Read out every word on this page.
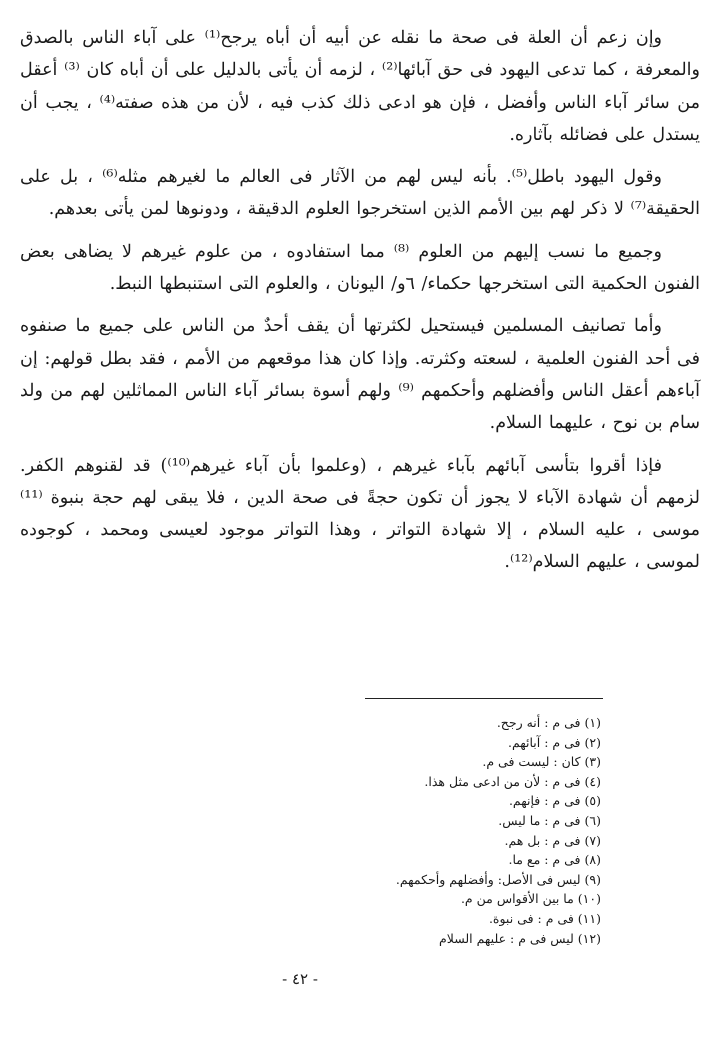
وإن زعم أن العلة فى صحة ما نقله عن أبيه أن أباه يرجح⁽¹⁾ على آباء الناس بالصدق والمعرفة ، كما تدعى اليهود فى حق آبائها⁽²⁾ ، لزمه أن يأتى بالدليل على أن أباه كان ⁽³⁾ أعقل من سائر آباء الناس وأفضل ، فإن هو ادعى ذلك كذب فيه ، لأن من هذه صفته⁽⁴⁾ ، يجب أن يستدل على فضائله بآثاره.

وقول اليهود باطل⁽⁵⁾. بأنه ليس لهم من الآثار فى العالم ما لغيرهم مثله⁽⁶⁾ ، بل على الحقيقة⁽⁷⁾ لا ذكر لهم بين الأمم الذين استخرجوا العلوم الدقيقة ، ودونوها لمن يأتى بعدهم.

وجميع ما نسب إليهم من العلوم ⁽⁸⁾ مما استفادوه ، من علوم غيرهم لا يضاهى بعض الفنون الحكمية التى استخرجها حكماء/ ٦و/ اليونان ، والعلوم التى استنبطها النبط.

وأما تصانيف المسلمين فيستحيل لكثرتها أن يقف أحدٌ من الناس على جميع ما صنفوه فى أحد الفنون العلمية ، لسعته وكثرته. وإذا كان هذا موقعهم من الأمم ، فقد بطل قولهم: إن آباءهم أعقل الناس وأفضلهم وأحكمهم ⁽⁹⁾ ولهم أسوة بسائر آباء الناس المماثلين لهم من ولد سام بن نوح ، عليهما السلام.

فإذا أقروا بتأسى آبائهم بآباء غيرهم ، (وعلموا بأن آباء غيرهم⁽¹⁰⁾) قد لقنوهم الكفر. لزمهم أن شهادة الآباء لا يجوز أن تكون حجةً فى صحة الدين ، فلا يبقى لهم حجة بنبوة ⁽¹¹⁾ موسى ، عليه السلام ، إلا شهادة التواتر ، وهذا التواتر موجود لعيسى ومحمد ، كوجوده لموسى ، عليهم السلام⁽¹²⁾.

(١) فى م : أنه رجح.
(٢) فى م : آبائهم.
(٣) كان : ليست فى م.
(٤) فى م : لأن من ادعى مثل هذا.
(٥) فى م : فإنهم.
(٦) فى م : ما ليس.
(٧) فى م : بل هم.
(٨) فى م : مع ما.
(٩) ليس فى الأصل: وأفضلهم وأحكمهم.
(١٠) ما بين الأقواس من م.
(١١) فى م : فى نبوة.
(١٢) ليس فى م : عليهم السلام
- ٤٢ -
